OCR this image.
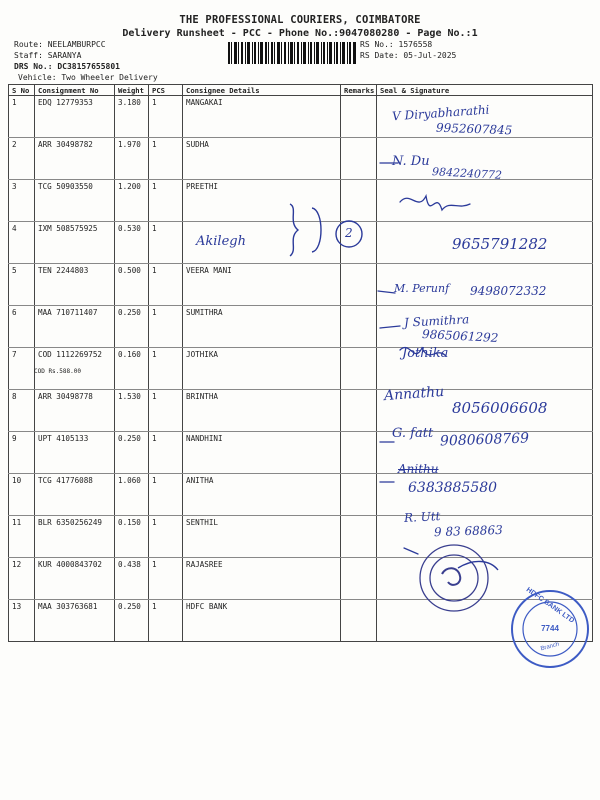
THE PROFESSIONAL COURIERS, COIMBATORE
Delivery Runsheet - PCC - Phone No.:9047080280 - Page No.:1
Route: NEELAMBURPCC
Staff: SARANYA
DRS No.: DC38157655801
Vehicle: Two Wheeler Delivery
RS No.: 1576558
RS Date: 05-Jul-2025
S No	Consignment No	Weight	PCS	Consignee Details	Remarks	Seal & Signature
1	EDQ 12779353	3.180	1	MANGAKAI		
2	ARR 30498782	1.970	1	SUDHA		
3	TCG 50903550	1.200	1	PREETHI		
4	IXM 508575925	0.530	1			
5	TEN 2244803	0.500	1	VEERA MANI		
6	MAA 710711407	0.250	1	SUMITHRA		
7	COD 1112269752
COD Rs.588.00	0.160	1	JOTHIKA		
8	ARR 30498778	1.530	1	BRINTHA		
9	UPT 4105133	0.250	1	NANDHINI		
10	TCG 41776088	1.060	1	ANITHA		
11	BLR 6350256249	0.150	1	SENTHIL		
12	KUR 4000843702	0.438	1	RAJASREE		
13	MAA 303763681	0.250	1	HDFC BANK		
V Diryabharathi
9952607845
N. Du
9842240772
Akilegh
2
9655791282
M. Perunf 9498072332
J Sumithra
9865061292
Jothika
Annathu
8056006608
G. fatt 9080608769
Anithu
6383885580
R. Utt
9 83 68863
HDFC BANK LTD
7744
Branch
